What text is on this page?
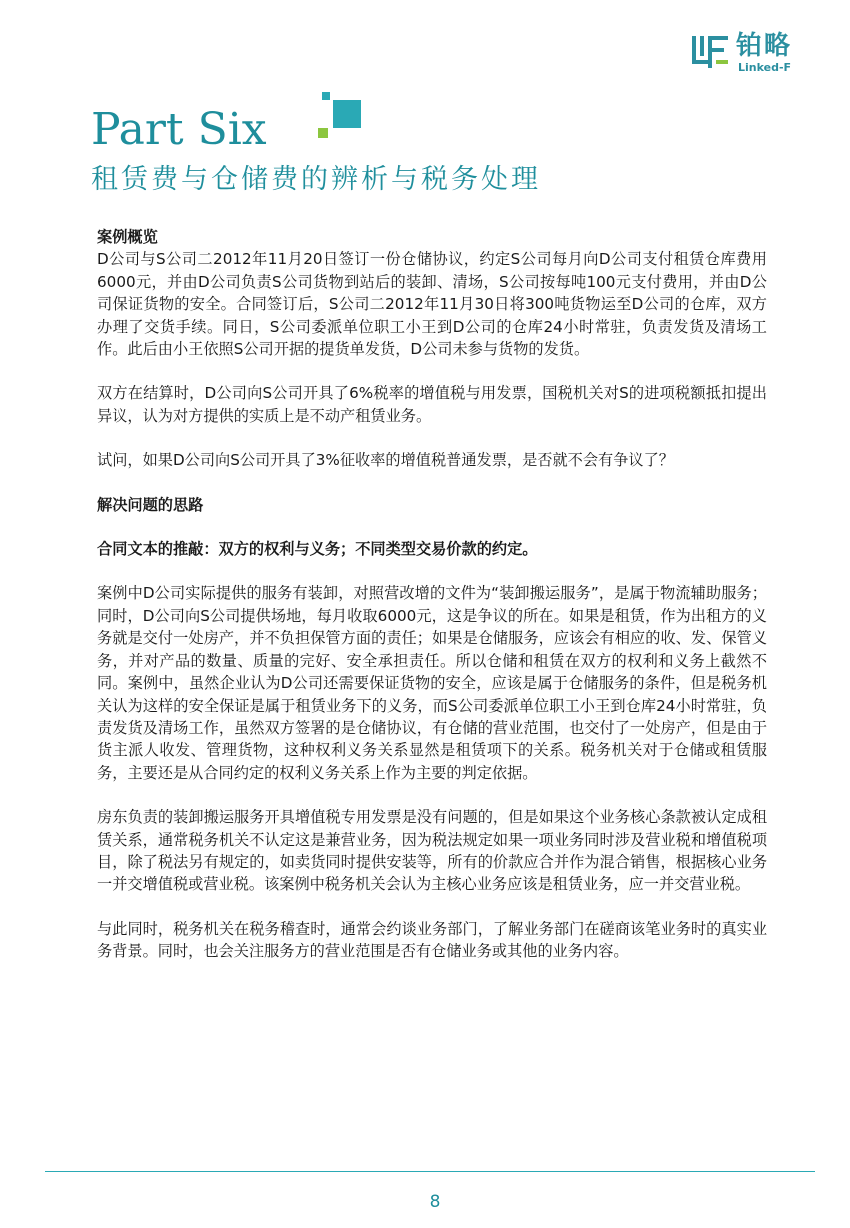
铂略
Linked-F
Part Six
租赁费与仓储费的辨析与税务处理

案例概览

D公司与S公司二2012年11月20日签订一份仓储协议，约定S公司每月向D公司支付租赁仓库费用6000元，并由D公司负责S公司货物到站后的装卸、清场，S公司按每吨100元支付费用，并由D公司保证货物的安全。合同签订后，S公司二2012年11月30日将300吨货物运至D公司的仓库，双方办理了交货手续。同日，S公司委派单位职工小王到D公司的仓库24小时常驻，负责发货及清场工作。此后由小王依照S公司开据的提货单发货，D公司未参与货物的发货。

双方在结算时，D公司向S公司开具了6%税率的增值税与用发票，国税机关对S的进项税额抵扣提出异议，认为对方提供的实质上是不动产租赁业务。

试问，如果D公司向S公司开具了3%征收率的增值税普通发票，是否就不会有争议了？

解决问题的思路

合同文本的推敲：双方的权利与义务；不同类型交易价款的约定。

案例中D公司实际提供的服务有装卸，对照营改增的文件为“装卸搬运服务”，是属于物流辅助服务；同时，D公司向S公司提供场地，每月收取6000元，这是争议的所在。如果是租赁，作为出租方的义务就是交付一处房产，并不负担保管方面的责任；如果是仓储服务，应该会有相应的收、发、保管义务，并对产品的数量、质量的完好、安全承担责任。所以仓储和租赁在双方的权利和义务上截然不同。案例中，虽然企业认为D公司还需要保证货物的安全，应该是属于仓储服务的条件，但是税务机关认为这样的安全保证是属于租赁业务下的义务，而S公司委派单位职工小王到仓库24小时常驻，负责发货及清场工作，虽然双方签署的是仓储协议，有仓储的营业范围，也交付了一处房产，但是由于货主派人收发、管理货物，这种权利义务关系显然是租赁项下的关系。税务机关对于仓储或租赁服务，主要还是从合同约定的权利义务关系上作为主要的判定依据。

房东负责的装卸搬运服务开具增值税专用发票是没有问题的，但是如果这个业务核心条款被认定成租赁关系，通常税务机关不认定这是兼营业务，因为税法规定如果一项业务同时涉及营业税和增值税项目，除了税法另有规定的，如卖货同时提供安装等，所有的价款应合并作为混合销售，根据核心业务一并交增值税或营业税。该案例中税务机关会认为主核心业务应该是租赁业务，应一并交营业税。

与此同时，税务机关在税务稽查时，通常会约谈业务部门，了解业务部门在磋商该笔业务时的真实业务背景。同时，也会关注服务方的营业范围是否有仓储业务或其他的业务内容。

8
